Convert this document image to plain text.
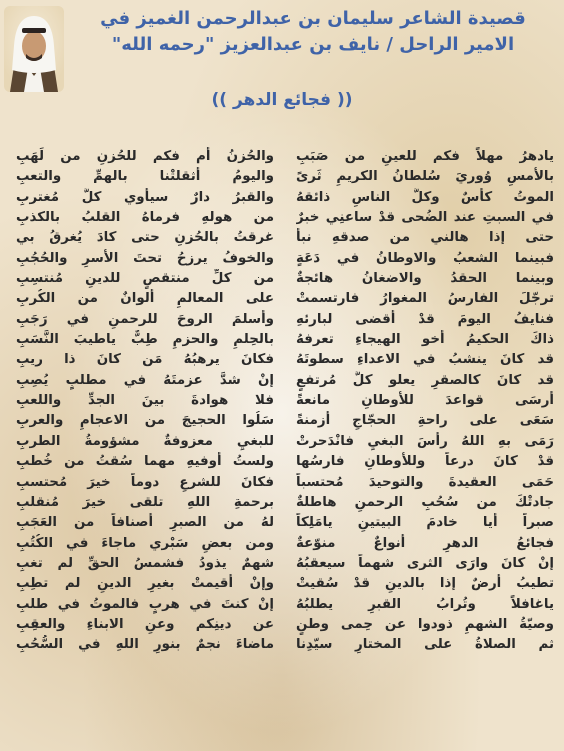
قصيدة الشاعر سليمان بن عبدالرحمن الغميز في
الامير الراحل / نايف بن عبدالعزيز "رحمه الله"
(( فجائع الدهر ))
يادهرُ مهلاً فكم للعينِ من صَبَبِ
بالأمسِ وُوريَ سُلطانُ الكريمِ ثَرىً
الموتُ كأسٌ وكلُّ الناسِ ذائقهُ
في السبتِ عند الضُحى قدْ ساعنِي خبرٌ
حتى إذا هالني من صدقهِ نبأ
فبينما الشعبُ والاوطانُ في دَعَةٍ
وبينما الحقدُ والاضغانُ هائجةٌ
ترجّلَ الفارسُ المغوارُ فارتسمتْ
فنايفُ اليومَ قدْ أقضى لبارئهِ
ذاكَ الحكيمُ أخو الهيجاءِ تعرفهُ
قد كانَ ينشبُ في الاعداءِ سطوتَهُ
قد كانَ كالصقرِ يعلو كلَّ مُرتفعٍ
أرسَى قواعدَ للأوطانِ مانعةً
سَعَى على راحةِ الحجّاجِ أزمنةً
رَمَى بهِ اللهُ رأسَ البغيِ فانْدَحرتْ
قدْ كانَ درعاً وللأوطانِ فارسُها
حَمَى العقيدةَ والتوحيدَ مُحتسباً
جادتْكَ من سُحُبِ الرحمنِ هاطلةٌ
صبراً أيا خادمَ البيتينِ يامَلِكاً
فجائعُ الدهرِ أنواعٌ منوّعةٌ
إنْ كانَ وارَى الثرى شهماً سيعقبُهُ
تطيبُ أرضٌ إذا بالدينِ قدْ سُقيتْ
ياغافلاً وتُرابُ القبرِ يطلبُهُ
وصيّةُ الشهمِ ذودوا عن حِمى وطنٍ
ثم الصلاةُ على المختارِ سيّدِنا
والحُزنُ أم فكم للحُزنِ من لَهَبِ
واليومُ أثقلتْنا بالهمِّ والتعبِ
والقبرُ دارٌ سيأوي كلَّ مُغتربِ
من هولهِ فرماهُ القلبُ بالكذبِ
غرقتُ بالحُزنِ حتى كادَ يُغرقُ بي
والخوفُ يرزحُ تحتَ الأسرِ والحُجُبِ
من كلِّ منتقصٍ للدينِ مُنتسِبِ
على المعالمِ ألوانٌ من الكُربِ
وأسلمَ الروحَ للرحمنِ في رَجَبِ
بالحِلمِ والحزمِ طِبٌّ ياطيبَ النَّسَبِ
فكانَ يرهبُهُ مَن كانَ ذا ريبِ
إنْ شدَّ عزمتَهُ في مطلبٍ يُصِبِ
فلا هوادةَ بينَ الجدِّ واللعبِ
سَلُوا الحجيجَ من الاعجامِ والعربِ
للبغيِ معزوفةٌ مشؤومةُ الطربِ
ولستُ أوفيهِ مهما سُقتُ من خُطبِ
فكانَ للشرعِ دوماً خيرَ مُحتسبِ
برحمةِ اللهِ تلقى خيرَ مُنقلبِ
لهُ من الصبرِ أصنافاً من العَجَبِ
ومن بعضِ سَبْري ماجاءَ في الكُتُبِ
شهمٌ يذودُ فشمسُ الحقِّ لم تغبِ
وإنْ أقيمتْ بغيرِ الدينِ لم تطِبِ
إنْ كنتَ في هربٍ فالموتُ في طلبِ
عن دينِكم وعنِ الابناءِ والعقِبِ
ماضاءَ نجمٌ بنورِ اللهِ في السُّحُبِ
